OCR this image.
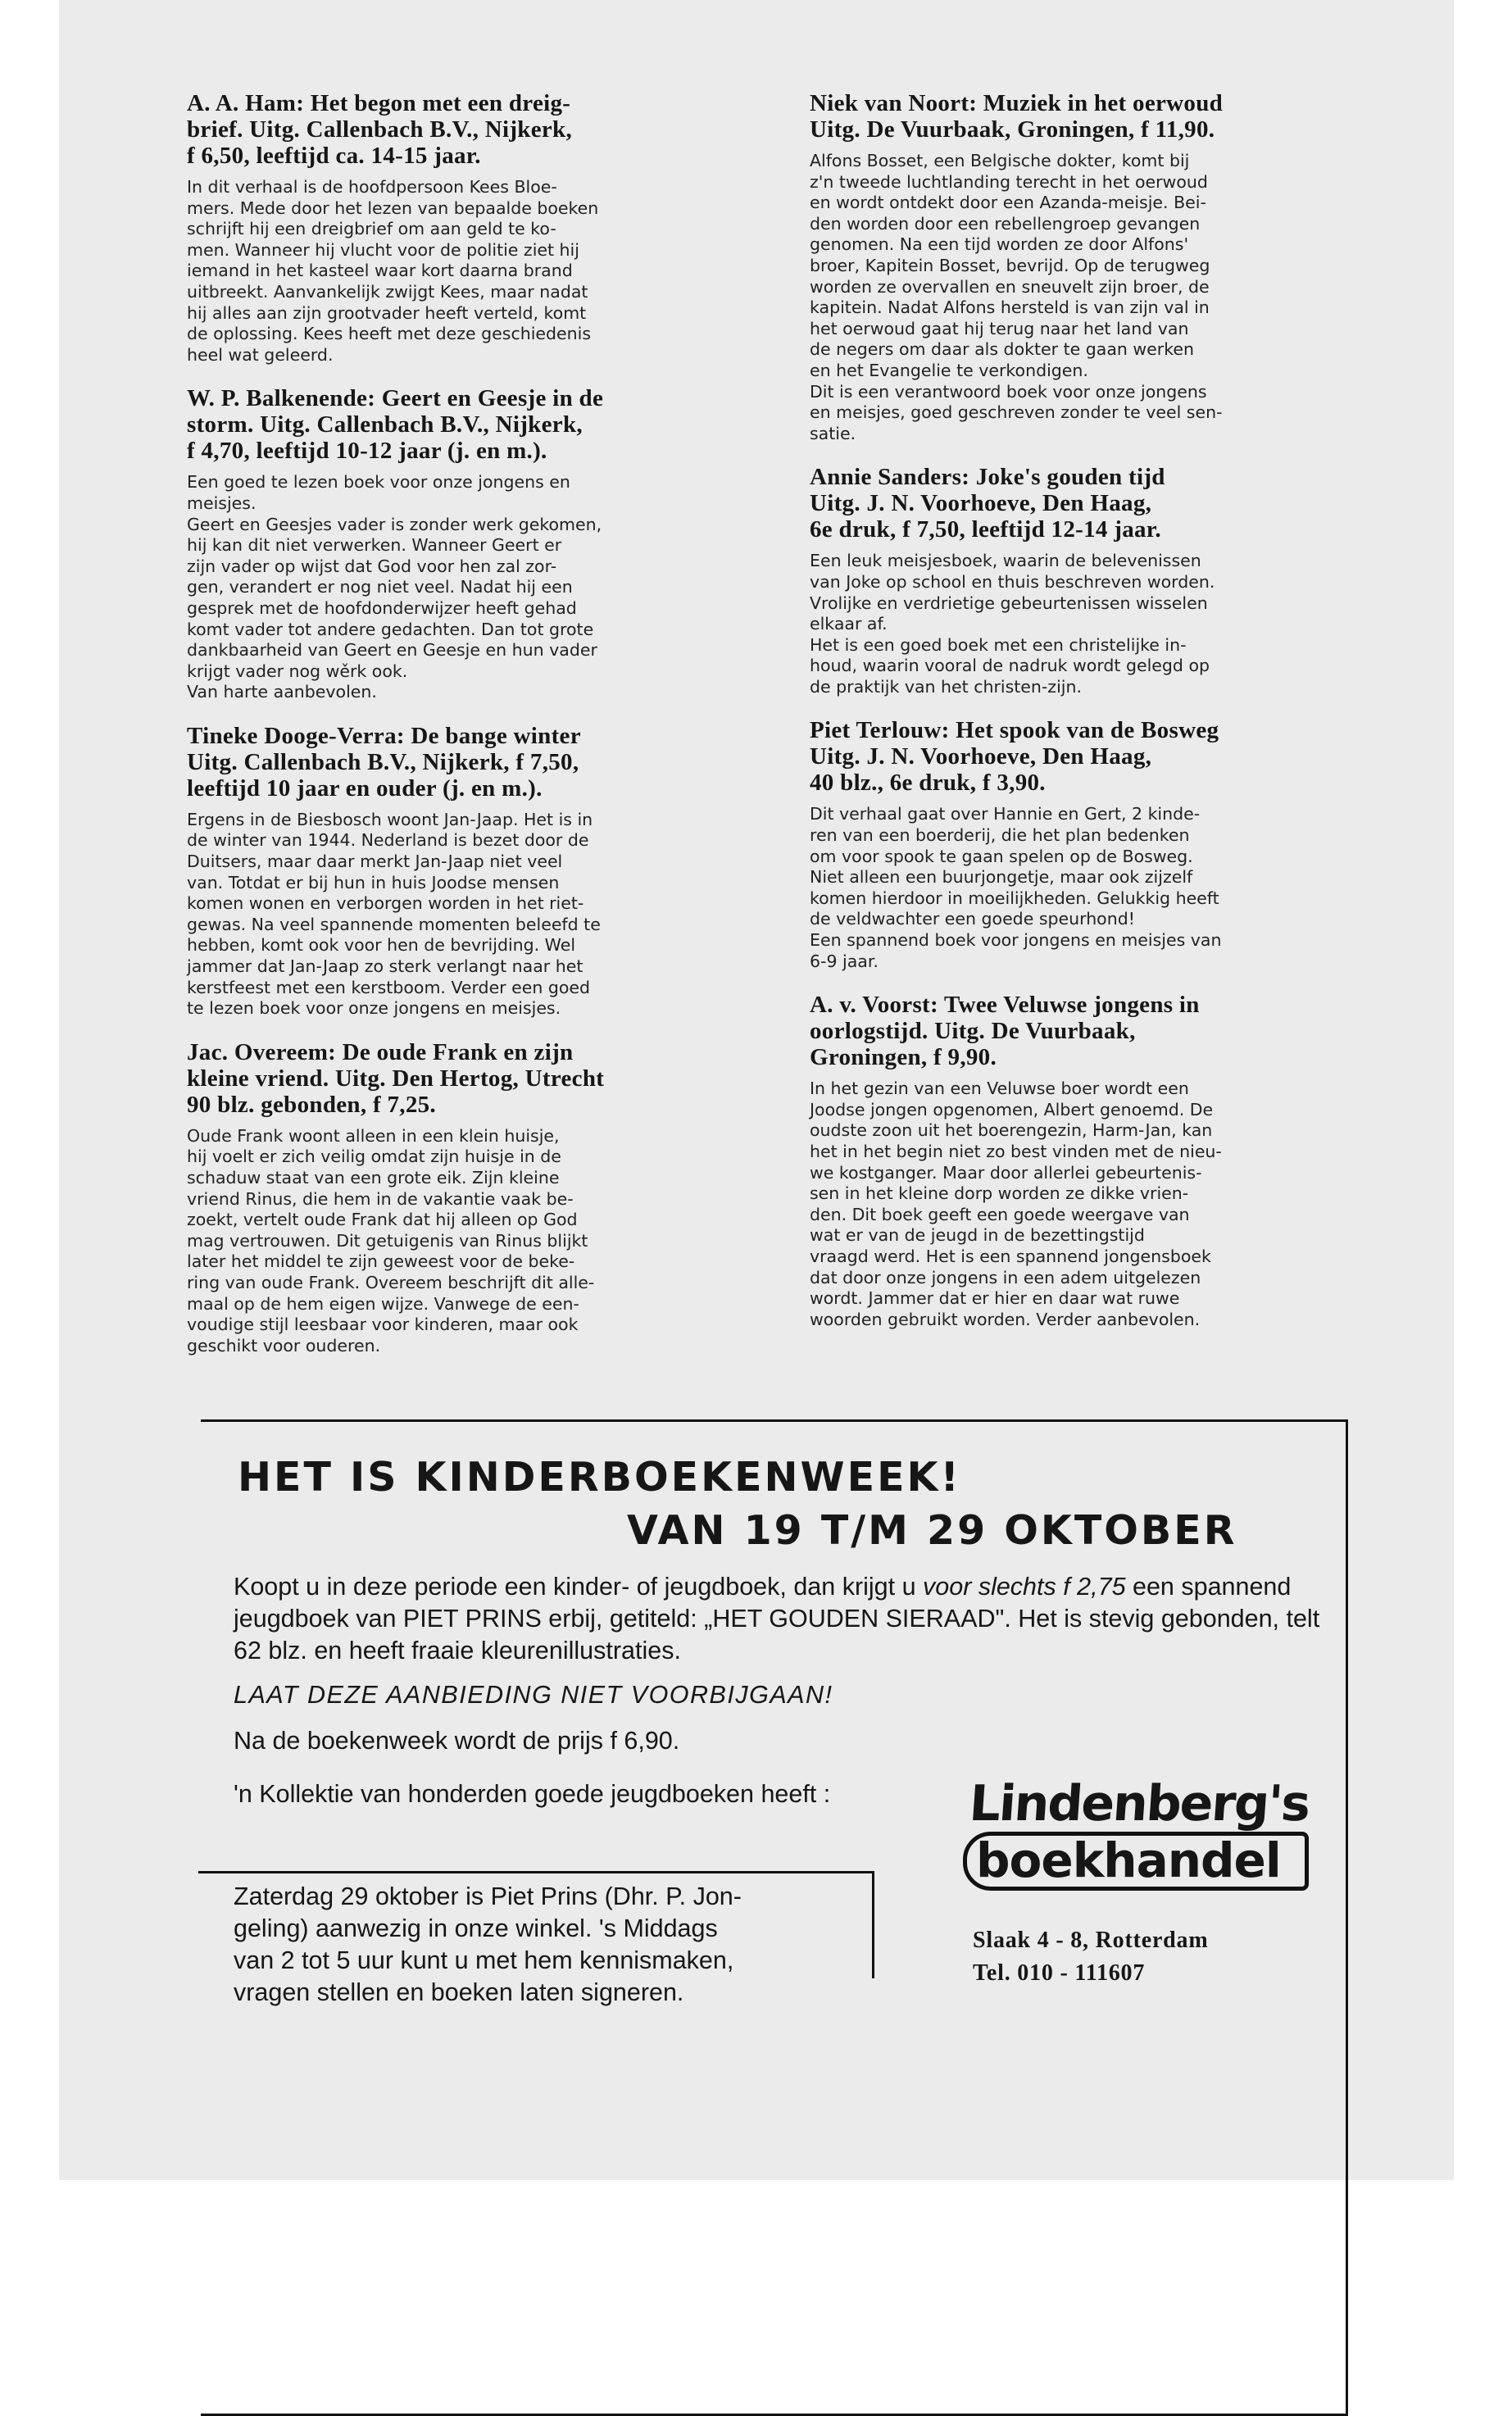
A. A. Ham: Het begon met een dreig-
brief. Uitg. Callenbach B.V., Nijkerk,
f 6,50, leeftijd ca. 14-15 jaar.

In dit verhaal is de hoofdpersoon Kees Bloe-
mers. Mede door het lezen van bepaalde boeken
schrijft hij een dreigbrief om aan geld te ko-
men. Wanneer hij vlucht voor de politie ziet hij
iemand in het kasteel waar kort daarna brand
uitbreekt. Aanvankelijk zwijgt Kees, maar nadat
hij alles aan zijn grootvader heeft verteld, komt
de oplossing. Kees heeft met deze geschiedenis
heel wat geleerd.

W. P. Balkenende: Geert en Geesje in de
storm. Uitg. Callenbach B.V., Nijkerk,
f 4,70, leeftijd 10-12 jaar (j. en m.).

Een goed te lezen boek voor onze jongens en
meisjes.
Geert en Geesjes vader is zonder werk gekomen,
hij kan dit niet verwerken. Wanneer Geert er
zijn vader op wijst dat God voor hen zal zor-
gen, verandert er nog niet veel. Nadat hij een
gesprek met de hoofdonderwijzer heeft gehad
komt vader tot andere gedachten. Dan tot grote
dankbaarheid van Geert en Geesje en hun vader
krijgt vader nog wěrk ook.
Van harte aanbevolen.

Tineke Dooge-Verra: De bange winter
Uitg. Callenbach B.V., Nijkerk, f 7,50,
leeftijd 10 jaar en ouder (j. en m.).

Ergens in de Biesbosch woont Jan-Jaap. Het is in
de winter van 1944. Nederland is bezet door de
Duitsers, maar daar merkt Jan-Jaap niet veel
van. Totdat er bij hun in huis Joodse mensen
komen wonen en verborgen worden in het riet-
gewas. Na veel spannende momenten beleefd te
hebben, komt ook voor hen de bevrijding. Wel
jammer dat Jan-Jaap zo sterk verlangt naar het
kerstfeest met een kerstboom. Verder een goed
te lezen boek voor onze jongens en meisjes.

Jac. Overeem: De oude Frank en zijn
kleine vriend. Uitg. Den Hertog, Utrecht
90 blz. gebonden, f 7,25.

Oude Frank woont alleen in een klein huisje,
hij voelt er zich veilig omdat zijn huisje in de
schaduw staat van een grote eik. Zijn kleine
vriend Rinus, die hem in de vakantie vaak be-
zoekt, vertelt oude Frank dat hij alleen op God
mag vertrouwen. Dit getuigenis van Rinus blijkt
later het middel te zijn geweest voor de beke-
ring van oude Frank. Overeem beschrijft dit alle-
maal op de hem eigen wijze. Vanwege de een-
voudige stijl leesbaar voor kinderen, maar ook
geschikt voor ouderen.

Niek van Noort: Muziek in het oerwoud
Uitg. De Vuurbaak, Groningen, f 11,90.

Alfons Bosset, een Belgische dokter, komt bij
z'n tweede luchtlanding terecht in het oerwoud
en wordt ontdekt door een Azanda-meisje. Bei-
den worden door een rebellengroep gevangen
genomen. Na een tijd worden ze door Alfons'
broer, Kapitein Bosset, bevrijd. Op de terugweg
worden ze overvallen en sneuvelt zijn broer, de
kapitein. Nadat Alfons hersteld is van zijn val in
het oerwoud gaat hij terug naar het land van
de negers om daar als dokter te gaan werken
en het Evangelie te verkondigen.
Dit is een verantwoord boek voor onze jongens
en meisjes, goed geschreven zonder te veel sen-
satie.

Annie Sanders: Joke's gouden tijd
Uitg. J. N. Voorhoeve, Den Haag,
6e druk, f 7,50, leeftijd 12-14 jaar.

Een leuk meisjesboek, waarin de belevenissen
van Joke op school en thuis beschreven worden.
Vrolijke en verdrietige gebeurtenissen wisselen
elkaar af.
Het is een goed boek met een christelijke in-
houd, waarin vooral de nadruk wordt gelegd op
de praktijk van het christen-zijn.

Piet Terlouw: Het spook van de Bosweg
Uitg. J. N. Voorhoeve, Den Haag,
40 blz., 6e druk, f 3,90.

Dit verhaal gaat over Hannie en Gert, 2 kinde-
ren van een boerderij, die het plan bedenken
om voor spook te gaan spelen op de Bosweg.
Niet alleen een buurjongetje, maar ook zijzelf
komen hierdoor in moeilijkheden. Gelukkig heeft
de veldwachter een goede speurhond!
Een spannend boek voor jongens en meisjes van
6-9 jaar.

A. v. Voorst: Twee Veluwse jongens in
oorlogstijd. Uitg. De Vuurbaak,
Groningen, f 9,90.

In het gezin van een Veluwse boer wordt een
Joodse jongen opgenomen, Albert genoemd. De
oudste zoon uit het boerengezin, Harm-Jan, kan
het in het begin niet zo best vinden met de nieu-
we kostganger. Maar door allerlei gebeurtenis-
sen in het kleine dorp worden ze dikke vrien-
den. Dit boek geeft een goede weergave van
wat er van de jeugd in de bezettingstijd
vraagd werd. Het is een spannend jongensboek
dat door onze jongens in een adem uitgelezen
wordt. Jammer dat er hier en daar wat ruwe
woorden gebruikt worden. Verder aanbevolen.

HET IS KINDERBOEKENWEEK!
VAN 19 T/M 29 OKTOBER
Koopt u in deze periode een kinder- of jeugdboek, dan krijgt u voor slechts f 2,75 een spannend jeugdboek van PIET PRINS erbij, getiteld: „HET GOUDEN SIERAAD". Het is stevig gebonden, telt 62 blz. en heeft fraaie kleurenillustraties.
LAAT DEZE AANBIEDING NIET VOORBIJGAAN!
Na de boekenweek wordt de prijs f 6,90.
'n Kollektie van honderden goede jeugdboeken heeft :
Zaterdag 29 oktober is Piet Prins (Dhr. P. Jon-
geling) aanwezig in onze winkel. 's Middags
van 2 tot 5 uur kunt u met hem kennismaken,
vragen stellen en boeken laten signeren.
Lindenberg's
boekhandel
Slaak 4 - 8, Rotterdam
Tel. 010 - 111607
